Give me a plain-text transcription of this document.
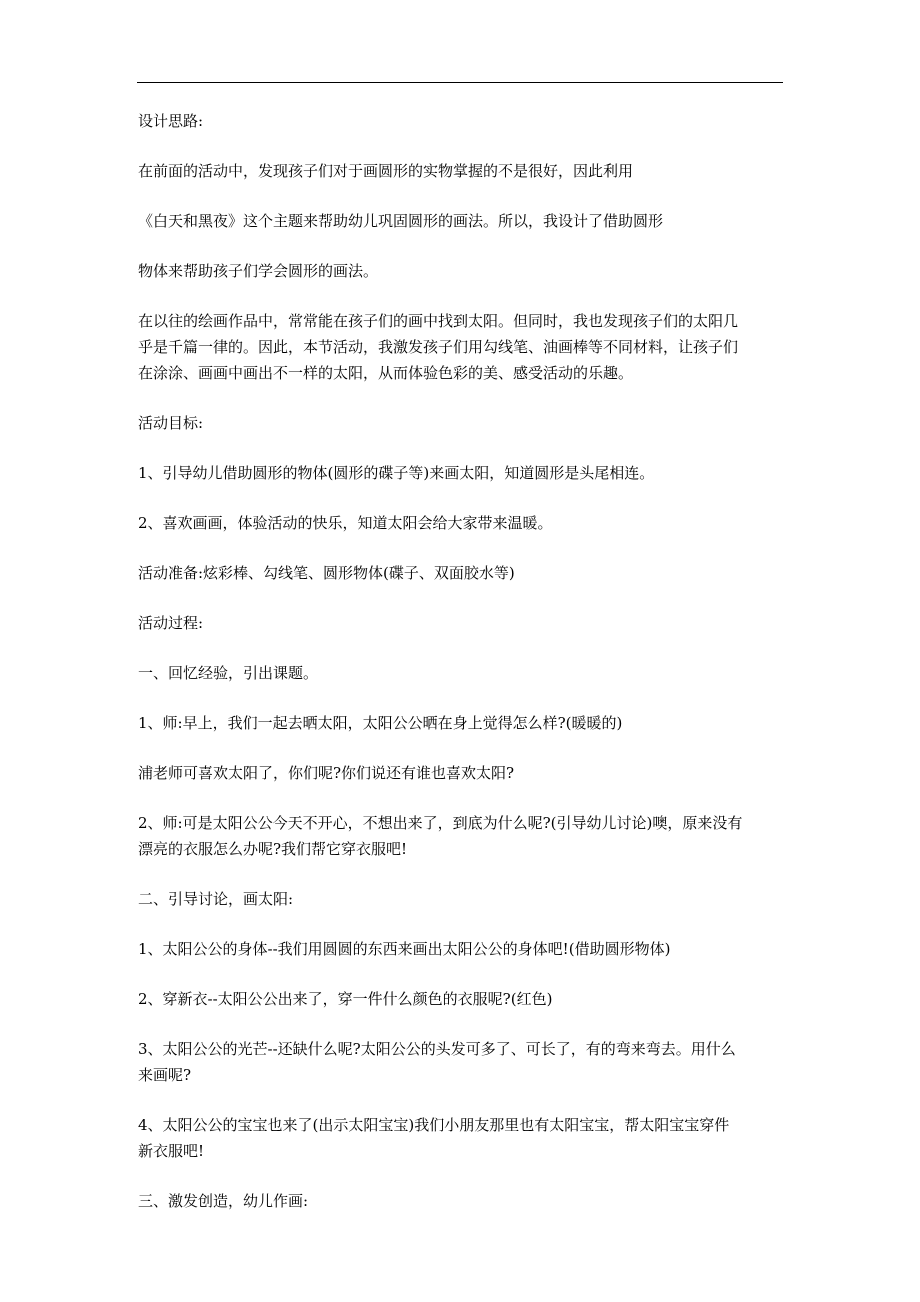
设计思路:
在前面的活动中，发现孩子们对于画圆形的实物掌握的不是很好，因此利用
《白天和黑夜》这个主题来帮助幼儿巩固圆形的画法。所以，我设计了借助圆形
物体来帮助孩子们学会圆形的画法。
在以往的绘画作品中，常常能在孩子们的画中找到太阳。但同时，我也发现孩子们的太阳几
乎是千篇一律的。因此，本节活动，我激发孩子们用勾线笔、油画棒等不同材料，让孩子们
在涂涂、画画中画出不一样的太阳，从而体验色彩的美、感受活动的乐趣。
活动目标:
1、引导幼儿借助圆形的物体(圆形的碟子等)来画太阳，知道圆形是头尾相连。
2、喜欢画画，体验活动的快乐，知道太阳会给大家带来温暖。
活动准备:炫彩棒、勾线笔、圆形物体(碟子、双面胶水等)
活动过程:
一、回忆经验，引出课题。
1、师:早上，我们一起去晒太阳，太阳公公晒在身上觉得怎么样?(暖暖的)
浦老师可喜欢太阳了，你们呢?你们说还有谁也喜欢太阳?
2、师:可是太阳公公今天不开心，不想出来了，到底为什么呢?(引导幼儿讨论)噢，原来没有
漂亮的衣服怎么办呢?我们帮它穿衣服吧!
二、引导讨论，画太阳:
1、太阳公公的身体--我们用圆圆的东西来画出太阳公公的身体吧!(借助圆形物体)
2、穿新衣--太阳公公出来了，穿一件什么颜色的衣服呢?(红色)
3、太阳公公的光芒--还缺什么呢?太阳公公的头发可多了、可长了，有的弯来弯去。用什么
来画呢?
4、太阳公公的宝宝也来了(出示太阳宝宝)我们小朋友那里也有太阳宝宝，帮太阳宝宝穿件
新衣服吧!
三、激发创造，幼儿作画:
